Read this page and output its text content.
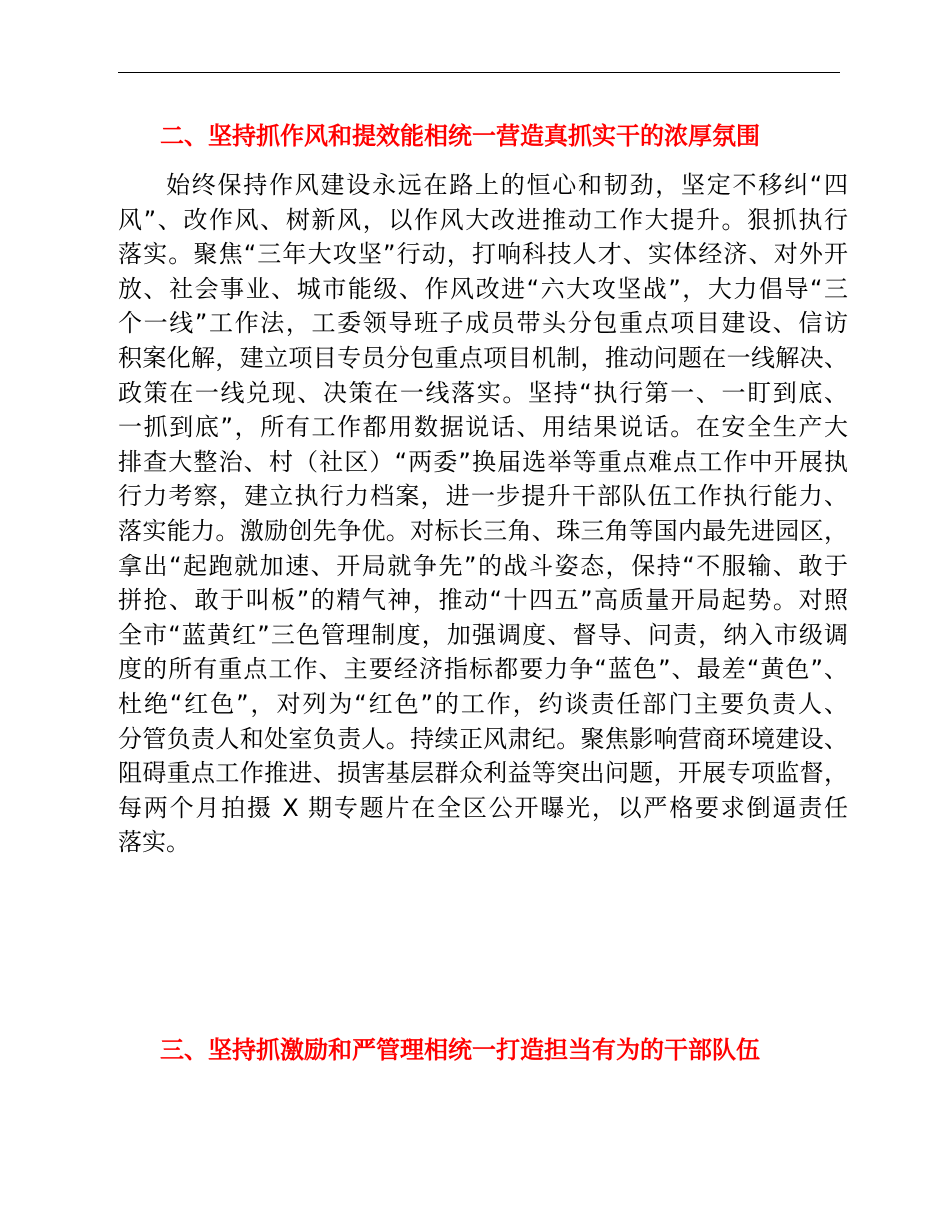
二、坚持抓作风和提效能相统一营造真抓实干的浓厚氛围
始终保持作风建设永远在路上的恒心和韧劲，坚定不移纠“四
风”、改作风、树新风，以作风大改进推动工作大提升。狠抓执行
落实。聚焦“三年大攻坚”行动，打响科技人才、实体经济、对外开
放、社会事业、城市能级、作风改进“六大攻坚战”，大力倡导“三
个一线”工作法，工委领导班子成员带头分包重点项目建设、信访
积案化解，建立项目专员分包重点项目机制，推动问题在一线解决、
政策在一线兑现、决策在一线落实。坚持“执行第一、一盯到底、
一抓到底”，所有工作都用数据说话、用结果说话。在安全生产大
排查大整治、村（社区）“两委”换届选举等重点难点工作中开展执
行力考察，建立执行力档案，进一步提升干部队伍工作执行能力、
落实能力。激励创先争优。对标长三角、珠三角等国内最先进园区，
拿出“起跑就加速、开局就争先”的战斗姿态，保持“不服输、敢于
拼抢、敢于叫板”的精气神，推动“十四五”高质量开局起势。对照
全市“蓝黄红”三色管理制度，加强调度、督导、问责，纳入市级调
度的所有重点工作、主要经济指标都要力争“蓝色”、最差“黄色”、
杜绝“红色”，对列为“红色”的工作，约谈责任部门主要负责人、
分管负责人和处室负责人。持续正风肃纪。聚焦影响营商环境建设、
阻碍重点工作推进、损害基层群众利益等突出问题，开展专项监督，
每两个月拍摄 X 期专题片在全区公开曝光，以严格要求倒逼责任
落实。
三、坚持抓激励和严管理相统一打造担当有为的干部队伍
